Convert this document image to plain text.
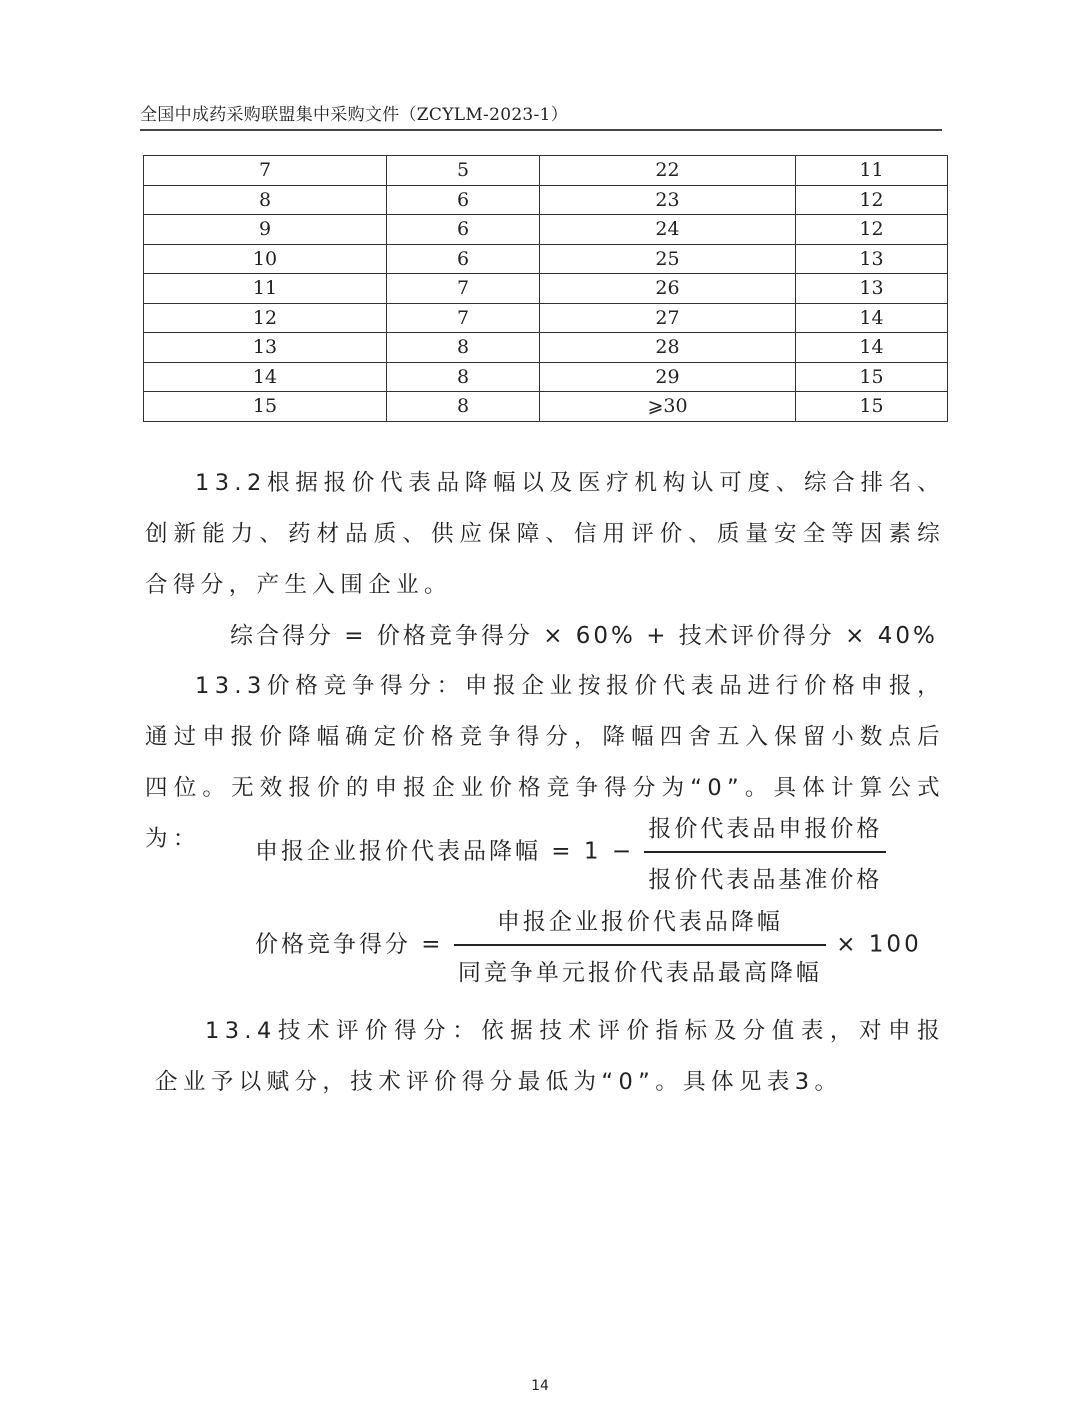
全国中成药采购联盟集中采购文件（ZCYLM-2023-1）
7	5	22	11
8	6	23	12
9	6	24	12
10	6	25	13
11	7	26	13
12	7	27	14
13	8	28	14
14	8	29	15
15	8	⩾30	15

13.2根据报价代表品降幅以及医疗机构认可度、综合排名、创新能力、药材品质、供应保障、信用评价、质量安全等因素综合得分，产生入围企业。

综合得分 = 价格竞争得分 × 60% + 技术评价得分 × 40%

13.3价格竞争得分：申报企业按报价代表品进行价格申报，通过申报价降幅确定价格竞争得分，降幅四舍五入保留小数点后四位。无效报价的申报企业价格竞争得分为“0”。具体计算公式为：	申报企业报价代表品降幅 = $1 - \frac{\text{报价代表品申报价格}}{\text{报价代表品基准价格}}$
价格竞争得分 = $\frac{\text{申报企业报价代表品降幅}}{\text{同竞争单元报价代表品最高降幅}} \times 100$

13.4技术评价得分：依据技术评价指标及分值表，对申报企业予以赋分，技术评价得分最低为“0”。具体见表3。

14
